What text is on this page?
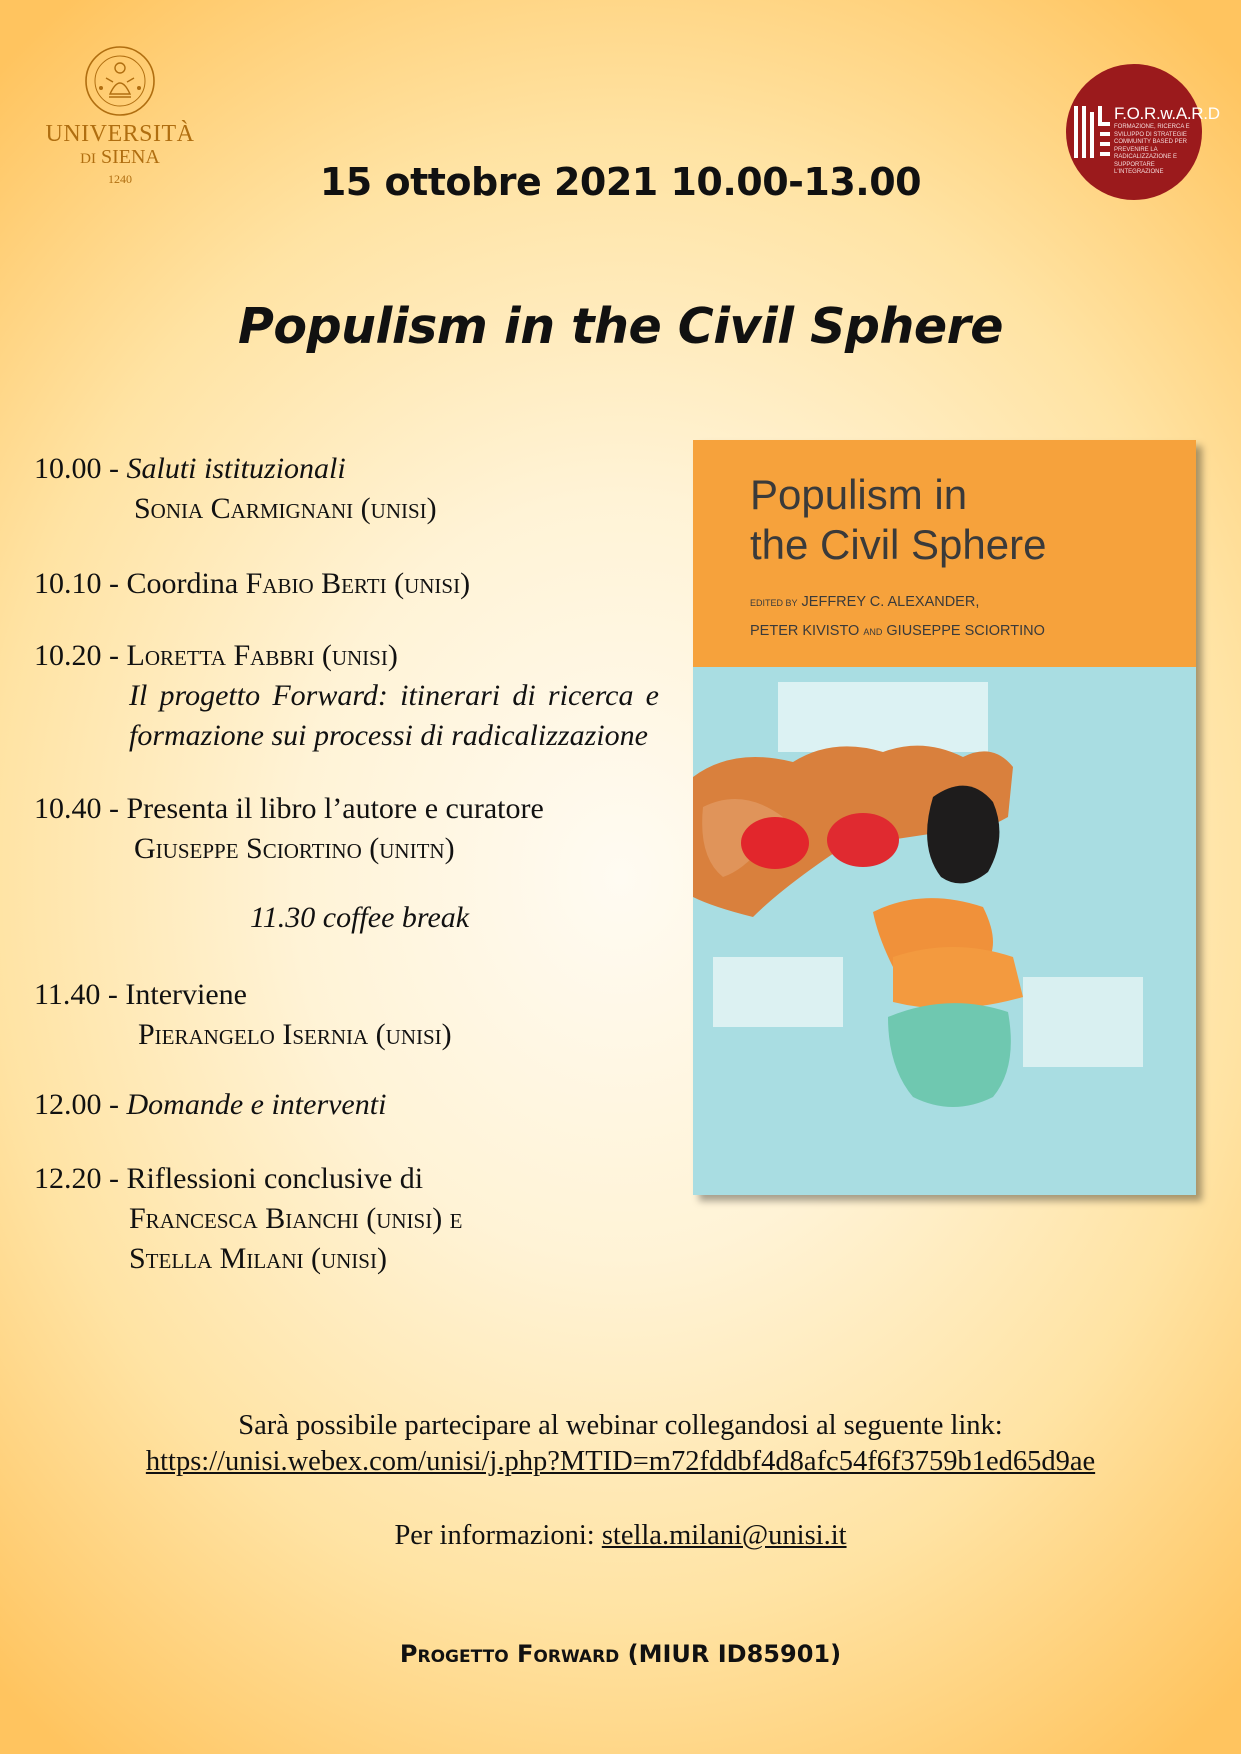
UNIVERSITÀ
DI SIENA
1240
F.O.R.w.A.R.D
FORMAZIONE, RICERCA E SVILUPPO DI STRATEGIE COMMUNITY BASED PER PREVENIRE LA RADICALIZZAZIONE E SUPPORTARE L'INTEGRAZIONE
15 ottobre 2021 10.00-13.00
Populism in the Civil Sphere
10.00 - Saluti istituzionali
Sonia Carmignani (unisi)
10.10 - Coordina Fabio Berti (unisi)
10.20 - Loretta Fabbri (unisi)
Il progetto Forward: itinerari di ricerca e formazione sui processi di radicalizzazione
10.40 - Presenta il libro l’autore e curatore
Giuseppe Sciortino (unitn)
11.30 coffee break
11.40 - Interviene
Pierangelo Isernia (unisi)
12.00 - Domande e interventi
12.20 - Riflessioni conclusive di
Francesca Bianchi (unisi) e
Stella Milani (unisi)
Populism in
the Civil Sphere
EDITED BY JEFFREY C. ALEXANDER,
PETER KIVISTO AND GIUSEPPE SCIORTINO
Sarà possibile partecipare al webinar collegandosi al seguente link:
https://unisi.webex.com/unisi/j.php?MTID=m72fddbf4d8afc54f6f3759b1ed65d9ae
Per informazioni: stella.milani@unisi.it
Progetto Forward (MIUR ID85901)
